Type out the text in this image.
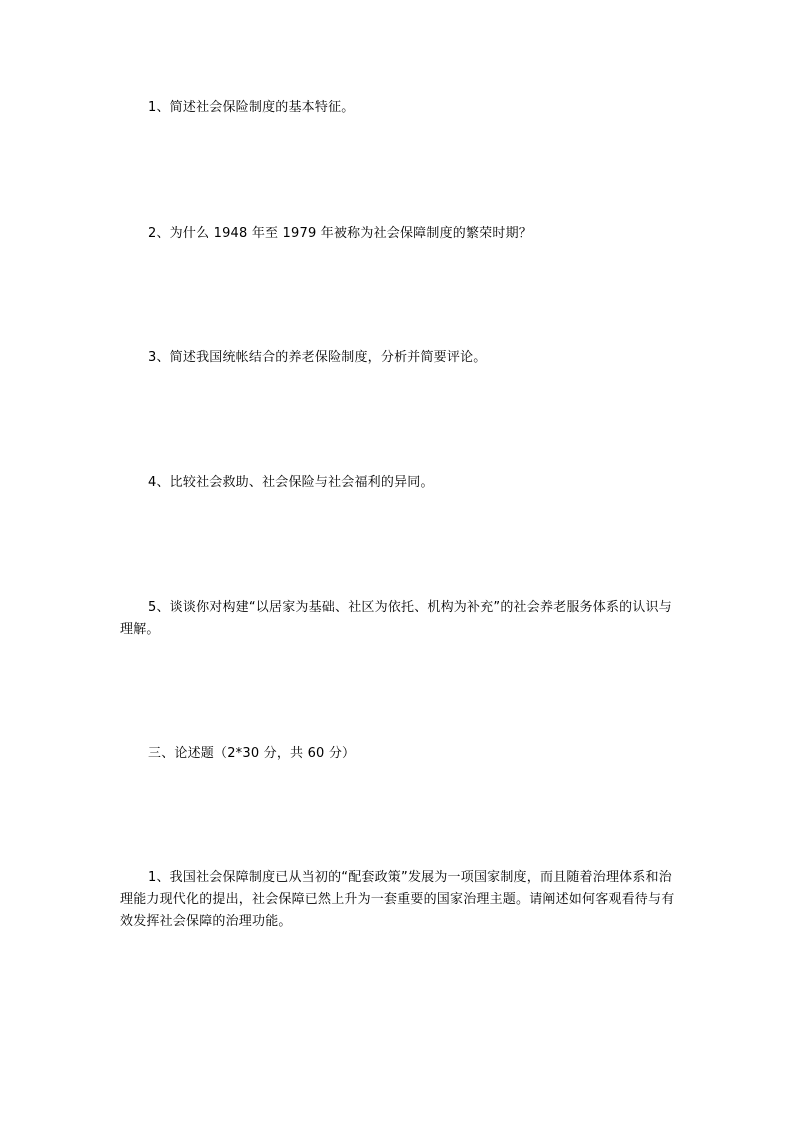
1、简述社会保险制度的基本特征。

2、为什么 1948 年至 1979 年被称为社会保障制度的繁荣时期？

3、简述我国统帐结合的养老保险制度，分析并简要评论。

4、比较社会救助、社会保险与社会福利的异同。

5、谈谈你对构建“以居家为基础、社区为依托、机构为补充”的社会养老服务体系的认识与理解。

三、论述题（2*30 分，共 60 分）

1、我国社会保障制度已从当初的“配套政策”发展为一项国家制度，而且随着治理体系和治理能力现代化的提出，社会保障已然上升为一套重要的国家治理主题。请阐述如何客观看待与有效发挥社会保障的治理功能。
